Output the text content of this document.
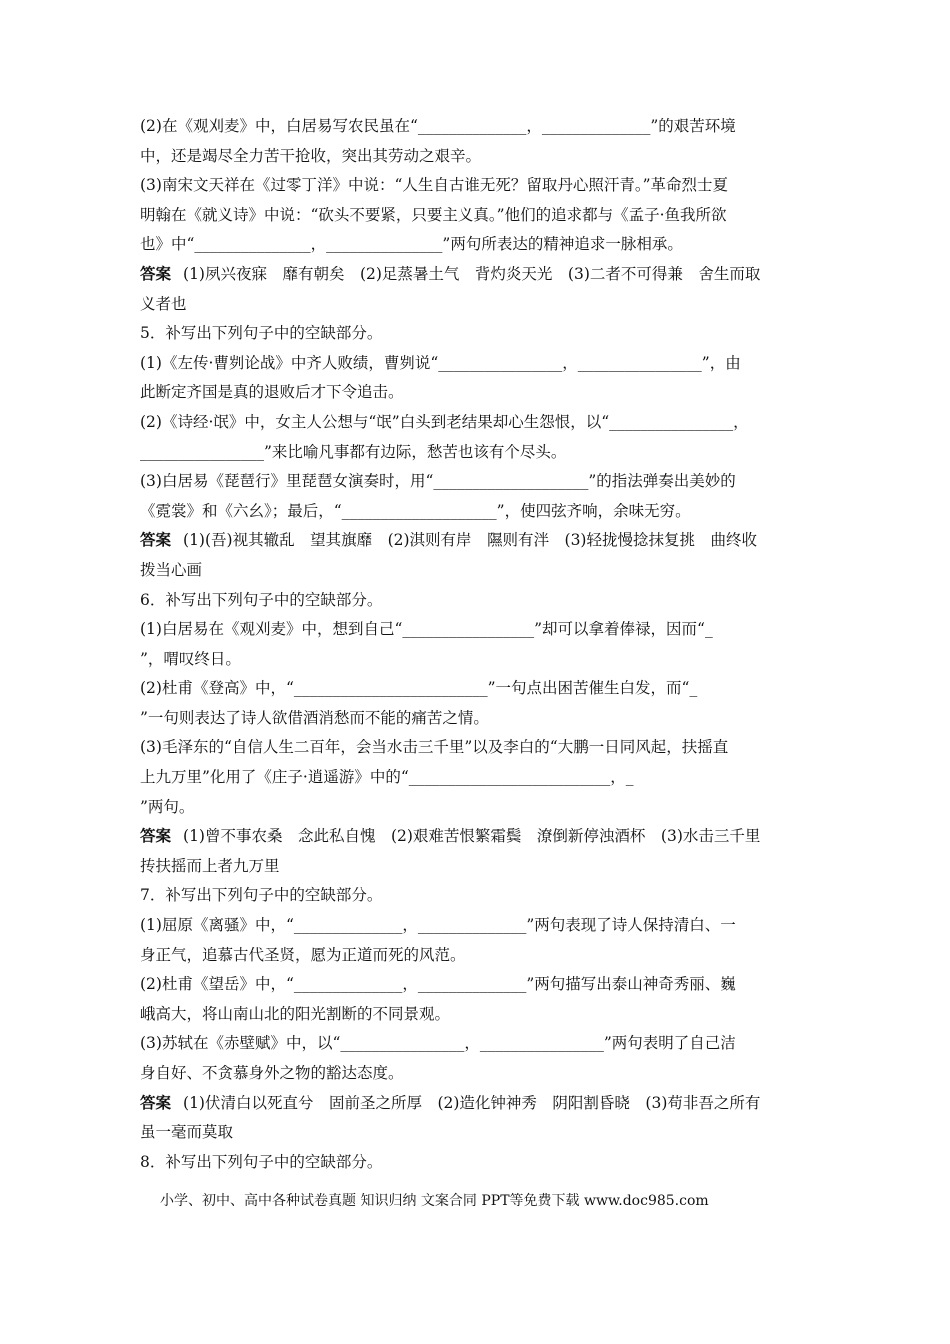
(2)在《观刈麦》中，白居易写农民虽在“______________，______________”的艰苦环境
中，还是竭尽全力苦干抢收，突出其劳动之艰辛。
(3)南宋文天祥在《过零丁洋》中说：“人生自古谁无死？留取丹心照汗青。”革命烈士夏
明翰在《就义诗》中说：“砍头不要紧，只要主义真。”他们的追求都与《孟子·鱼我所欲
也》中“_______________，_______________”两句所表达的精神追求一脉相承。
答案 (1)夙兴夜寐　靡有朝矣　(2)足蒸暑土气　背灼炎天光　(3)二者不可得兼　舍生而取
义者也
5．补写出下列句子中的空缺部分。
(1)《左传·曹刿论战》中齐人败绩，曹刿说“________________，________________”，由
此断定齐国是真的退败后才下令追击。
(2)《诗经·氓》中，女主人公想与“氓”白头到老结果却心生怨恨，以“________________，
________________”来比喻凡事都有边际，愁苦也该有个尽头。
(3)白居易《琵琶行》里琵琶女演奏时，用“____________________”的指法弹奏出美妙的
《霓裳》和《六幺》；最后，“____________________”，使四弦齐响，余味无穷。
答案 (1)(吾)视其辙乱　望其旗靡　(2)淇则有岸　隰则有泮　(3)轻拢慢捻抹复挑　曲终收
拨当心画
6．补写出下列句子中的空缺部分。
(1)白居易在《观刈麦》中，想到自己“_________________”却可以拿着俸禄，因而“_
”，喟叹终日。
(2)杜甫《登高》中，“_________________________”一句点出困苦催生白发，而“_
”一句则表达了诗人欲借酒消愁而不能的痛苦之情。
(3)毛泽东的“自信人生二百年，会当水击三千里”以及李白的“大鹏一日同风起，扶摇直
上九万里”化用了《庄子·逍遥游》中的“__________________________，_
”两句。
答案 (1)曾不事农桑　念此私自愧　(2)艰难苦恨繁霜鬓　潦倒新停浊酒杯　(3)水击三千里
抟扶摇而上者九万里
7．补写出下列句子中的空缺部分。
(1)屈原《离骚》中，“______________，______________”两句表现了诗人保持清白、一
身正气，追慕古代圣贤，愿为正道而死的风范。
(2)杜甫《望岳》中，“______________，______________”两句描写出泰山神奇秀丽、巍
峨高大，将山南山北的阳光割断的不同景观。
(3)苏轼在《赤壁赋》中，以“________________，________________”两句表明了自己洁
身自好、不贪慕身外之物的豁达态度。
答案 (1)伏清白以死直兮　固前圣之所厚　(2)造化钟神秀　阴阳割昏晓　(3)苟非吾之所有
虽一毫而莫取
8．补写出下列句子中的空缺部分。
小学、初中、高中各种试卷真题 知识归纳 文案合同 PPT等免费下载 www.doc985.com
